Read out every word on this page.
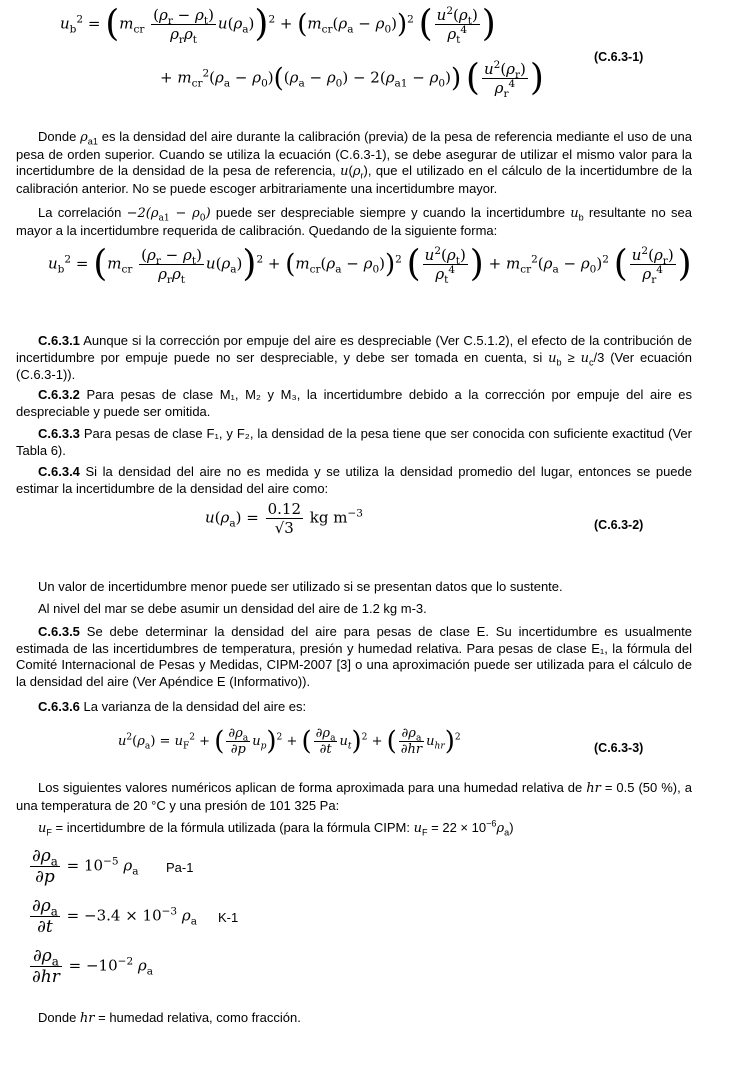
$u_b^2 = (m_{cr} \frac{(\rho_r - \rho_t)}{\rho_r\rho_t} u(\rho_a))^2 + (m_{cr}(\rho_a - \rho_0))^2$ ( $\frac{u^2(\rho_t)}{\rho_t^4}$ )
(C.6.3-1)
+ $m_{cr}^2(\rho_a - \rho_0)((\rho_a - \rho_0) - 2(\rho_{a1} - \rho_0))$ ( $\frac{u^2(\rho_r)}{\rho_r^4}$ )
Donde $\rho_{a1}$ es la densidad del aire durante la calibración (previa) de la pesa de referencia mediante el uso de una pesa de orden superior. Cuando se utiliza la ecuación (C.6.3-1), se debe asegurar de utilizar el mismo valor para la incertidumbre de la densidad de la pesa de referencia, $u(\rho_r)$, que el utilizado en el cálculo de la incertidumbre de la calibración anterior. No se puede escoger arbitrariamente una incertidumbre mayor.
La correlación $-2(\rho_{a1} - \rho_0)$ puede ser despreciable siempre y cuando la incertidumbre $u_b$ resultante no sea mayor a la incertidumbre requerida de calibración. Quedando de la siguiente forma:
$u_b^2 = (m_{cr} \frac{(\rho_r - \rho_t)}{\rho_r\rho_t} u(\rho_a))^2 + (m_{cr}(\rho_a - \rho_0))^2$ ( $\frac{u^2(\rho_t)}{\rho_t^4}$ ) + $m_{cr}^2(\rho_a - \rho_0)^2$ ( $\frac{u^2(\rho_r)}{\rho_r^4}$ )
C.6.3.1 Aunque si la corrección por empuje del aire es despreciable (Ver C.5.1.2), el efecto de la contribución de incertidumbre por empuje puede no ser despreciable, y debe ser tomada en cuenta, si $u_b \ge u_c/3$ (Ver ecuación (C.6.3-1)).
C.6.3.2 Para pesas de clase M₁, M₂ y M₃, la incertidumbre debido a la corrección por empuje del aire es despreciable y puede ser omitida.
C.6.3.3 Para pesas de clase F₁, y F₂, la densidad de la pesa tiene que ser conocida con suficiente exactitud (Ver Tabla 6).
C.6.3.4 Si la densidad del aire no es medida y se utiliza la densidad promedio del lugar, entonces se puede estimar la incertidumbre de la densidad del aire como:
$u(\rho_a) = \frac{0.12}{√3}$ kg $m^{-3}$
(C.6.3-2)
Un valor de incertidumbre menor puede ser utilizado si se presentan datos que lo sustente.
Al nivel del mar se debe asumir un densidad del aire de 1.2 kg m-3.
C.6.3.5 Se debe determinar la densidad del aire para pesas de clase E. Su incertidumbre es usualmente estimada de las incertidumbres de temperatura, presión y humedad relativa. Para pesas de clase E₁, la fórmula del Comité Internacional de Pesas y Medidas, CIPM-2007 [3] o una aproximación puede ser utilizada para el cálculo de la densidad del aire (Ver Apéndice E (Informativo)).
C.6.3.6 La varianza de la densidad del aire es:
$u^2(\rho_a) = u_F^2$ + ( $\frac{\partial\rho_a}{\partial p} u_p)^2$ + ( $\frac{\partial\rho_a}{\partial t} u_t)^2$ + ( $\frac{\partial\rho_a}{\partial hr} u_{hr})^2$
(C.6.3-3)
Los siguientes valores numéricos aplican de forma aproximada para una humedad relativa de hr = 0.5 (50 %), a una temperatura de 20 °C y una presión de 101 325 Pa:
$u_F$ = incertidumbre de la fórmula utilizada (para la fórmula CIPM: $u_F = 22 \times 10^{-6}\rho_a$)
$\frac{\partial\rho_a}{\partial p} = 10^{-5}$ $\rho_a$ Pa-1
$\frac{\partial\rho_a}{\partial t} = -3.4 \times 10^{-3}$ $\rho_a$ K-1
$\frac{\partial\rho_a}{\partial hr} = -10^{-2}$ $\rho_a$
Donde hr = humedad relativa, como fracción.
